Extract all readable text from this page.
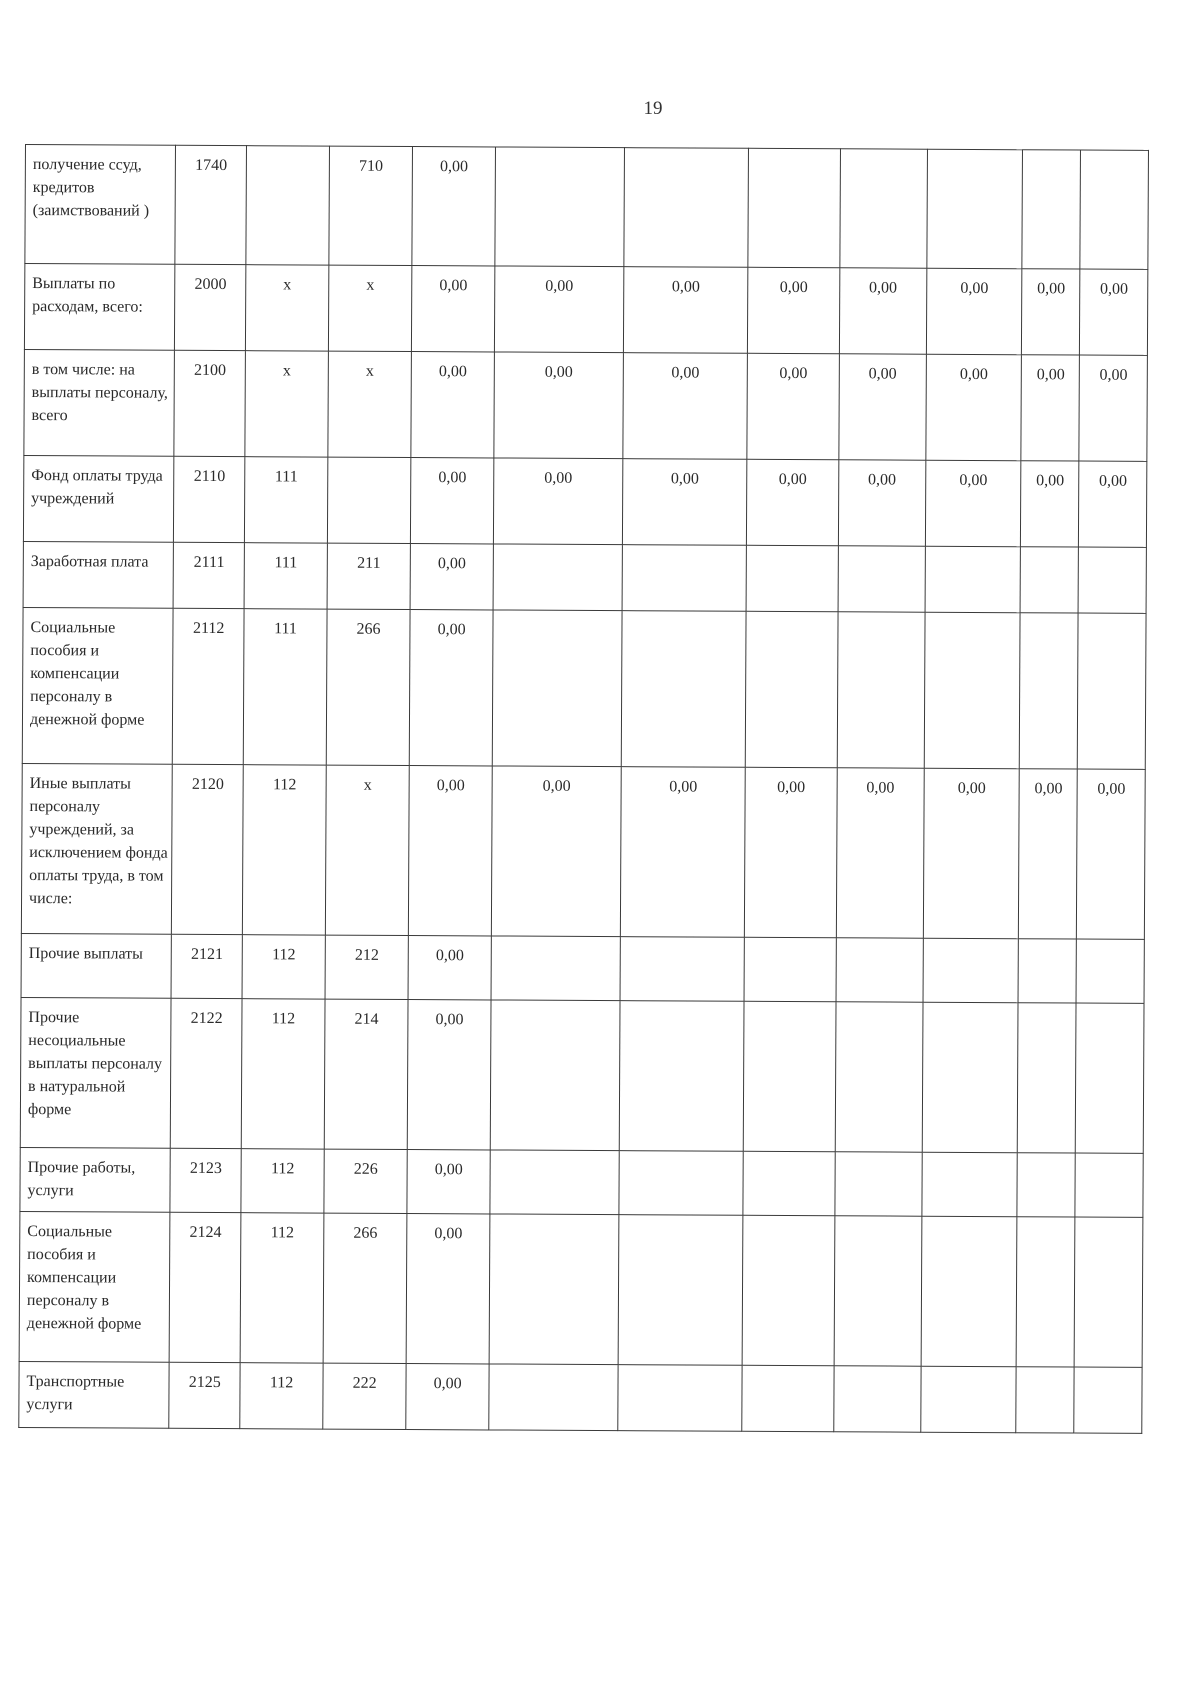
19
получение ссуд, кредитов (заимствований )	1740		710	0,00							

Выплаты по расходам, всего:	2000	х	х	0,00	0,00	0,00	0,00	0,00	0,00	0,00	0,00

в том числе: на выплаты персоналу, всего	2100	х	х	0,00	0,00	0,00	0,00	0,00	0,00	0,00	0,00

Фонд оплаты труда учреждений	2110	111		0,00	0,00	0,00	0,00	0,00	0,00	0,00	0,00

Заработная плата	2111	111	211	0,00							

Социальные пособия и компенсации персоналу в денежной форме	2112	111	266	0,00							

Иные выплаты персоналу учреждений, за исключением фонда оплаты труда, в том числе:	2120	112	х	0,00	0,00	0,00	0,00	0,00	0,00	0,00	0,00

Прочие выплаты	2121	112	212	0,00							

Прочие несоциальные выплаты персоналу в натуральной форме	2122	112	214	0,00							

Прочие работы, услуги	2123	112	226	0,00							

Социальные пособия и компенсации персоналу в денежной форме	2124	112	266	0,00							

Транспортные услуги	2125	112	222	0,00							
